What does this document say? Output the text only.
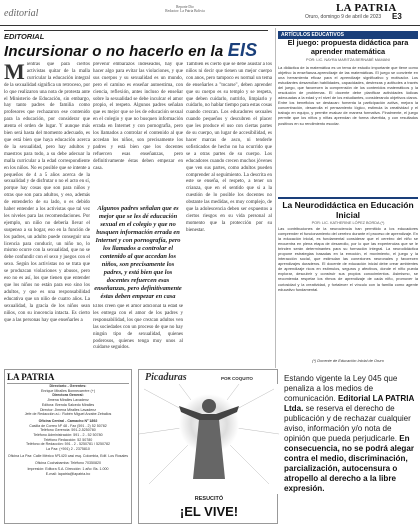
editorial
Reporte Dio
Redactor: La Patria Bolivia	LA PATRIA
Oruro, domingo 9 de abril de 2023 E3
EDITORIAL
Incursionar o no hacerlo en la EIS
Mientras que para ciertos activistas quitar de la malla curricular la educación integral de la sexualidad significa un retroceso, por lo que realizaron una nota de protesta ante el Ministerio de Educación, sin embargo, hay tanto padres de familia como profesores que rechazaron ese contenido para la educación, por considerar que atenta el orden de lugar. Y aunque más bien será hasta del momento adecuado, es que está bien que haya educación acerca de la sexualidad, pero hay adultos y maestros para todo, a su debe adecuar la malla curricular a la edad correspondiente en los niños. No es posible que se intente a pequeños de 4 a 5 años acerca de la sexualidad y de disfrutar o no el acto en sí, porque hay cosas que son para niños y otras que son para adultos, y eso, además de entenderlo de su lado, o es debido haber entender a los activistas que tal vez les niveles para las recomendaciones. Por ejemplo, un niño no debería llevar el suspenso a su hogar, eso en la función de los padres, un adulto puede conseguir una licencia para conducir, un niño no, lo mismo ocurre con la sexualidad, que no se debe confundir con el sexo y juegos con el sexo. Según los activistas no se trata que se produzcan violaciones y abusos, pero eso no es así, los que tienen que entender que los niños no están para eso sino los adultos, y que es una responsabilidad educativa que un niño de cuatro años. La sexualidad, la gracia de los niños sean niños, con su inocencia intacta. Es cierto que a las personas hay que enseñarles a
prevenir embarazos indeseados, hay que hacer algo para evitar las violaciones, y que sus cuerpos y su sexualidad es un mundo, pero el camino es enseñar autoestima, con ciencia, reflexión, antes incluso de enseñar sobre la sexualidad se debe inculcar el amor propio, el respeto. Algunos padres señalan que es mejor que se les de educación sexual en el colegio y que no busquen información errada en Internet y con pornografía, pero los llamados a controlar el contenido al que accedan los niños, son precisamente los padres y está bien que los docentes refuercen esas enseñanzas, pero definitivamente éstas deben empezar en casa.
Algunos padres señalan que es mejor que se les dé educación sexual en el colegio y que no busquen información errada en Internet y con pornografía, pero los llamados a controlar el contenido al que accedan los niños, son precisamente los padres, y está bien que los docentes refuercen esas enseñanzas, pero definitivamente éstas deben empezar en casa
Ellos creen que el amor adicional la edad se les entrega con el amor de los padres y responsabilidad, los que crezcan adultos ven las sociedades con un proceso de que no hay ningún tipo de sexualidad, quienes poderosos, quienes tenga muy unos al cuidarse seguidos.
También es cierto que se debe asustar a los niños ni decir que tienen un mejor cuerpo con anos, pero tampoco es normal un tema de enseñarles a "tocarse", deben aprender que su cuerpo es su templo y se respeta, que deben cuidarlo, nutrirlo, limpiarlo y cuidarlo, no hablar tiempo para estas cosas cuando crezcan. Los educadores sexuales cuando pequeños y descubren el placer que les produce el uso con ciertas partes de su cuerpo, un lugar de accesibilidad, es hacer marcas de asco, ni tenderle sofisticados de hecho no ha ocurrido que se a otras partes de su cuerpo. Los educadores cuando crecen muchos jóvenes que ven sus partes, como adultos pueden comprender al seguimiento. La descrita en este se enseña, el respeto, a tener un crianza, que en el sentido que si a la cuestión de lo posible los docentes no obstante las medidas, es muy complejo, de que la adolescencia deben ser expuestos a ciertos riesgos en su vida personal al momento que la protección por su bienestar.
ARTÍCULOS EDUCATIVOS
El juego: propuesta didáctica para aprender matemática
POR: LIC. NAYRA MARITZA BERNABÉ MAMANI
La didáctica de la matemática es un tema de estudio importante que tiene como objetivo la enseñanza-aprendizaje de las matemáticas. El juego se convierte en una herramienta eficaz para el aprendizaje significativo y motivador. Los estudiantes desarrollan habilidades, capacidades, destrezas y actitudes a través del juego, que favorecen la comprensión de los contenidos matemáticos y la resolución de problemas. El docente debe planificar actividades lúdicas adecuadas a la edad y el nivel de los estudiantes, considerando objetivos claros. Entre los beneficios se destacan: fomenta la participación activa, mejora la concentración, desarrolla el pensamiento lógico, estimula la creatividad y el trabajo en equipo, y permite evaluar de manera formativa. Finalmente, el juego permite que los niños y niñas aprendan de forma divertida, y con resultados positivos en su rendimiento escolar.
La Neurodidáctica en Educación Inicial
POR: LIC. KATHERINE LÓPEZ BORDA (*)
Las contribuciones de la neurociencia han permitido a los educadores comprender el funcionamiento del cerebro durante el proceso de aprendizaje. En la educación inicial, es fundamental considerar que el cerebro del niño se encuentra en plena etapa de desarrollo, por lo que las experiencias que se le brinden serán determinantes para su formación integral. La neurodidáctica propone estrategias basadas en la emoción, el movimiento, el juego y la interacción social, que estimulan las conexiones neuronales y favorecen aprendizajes duraderos. El docente de educación inicial debe crear ambientes de aprendizaje ricos en estímulos, seguros y afectivos, donde el niño pueda explorar, descubrir y construir sus propios conocimientos. Asimismo, se recomienda respetar los ritmos de aprendizaje de cada niño, promover la curiosidad y la creatividad, y fortalecer el vínculo con la familia como agente educativo fundamental.
(*) Docente de Educación Inicial de Oruro
LA PATRIA
Directorio - Gerentes:
Enrique Miralles Bonnecarrère (+)
Directora General:
Jimena Miralles Lavadenz
Editora: Brenda Salcedo Miralles
Director: Jimena Miralles Lavadenz
Jefe de Redacción a.i.: Rubén Miguel Arzabe Zeballos
Oficina Central - Camacho Nº 1892
Casilla de Correo Nº 48 - Fax (591 - 2) 52 50782
Teléfono Gerencia: 591-2-5250780
Teléfono Administración: 591 - 2 - 52 50780
Teléfono Redacción: 52 50780
Teléfono de Redacción: 591 - 2 - 5250781 / 5250782
La Paz: (+591) 2 - 2375810
Oficina La Paz: Calle México Nº1420 casi esq. Colombia, Edif. Los Rosales
Oficina Cochabamba: Teléfono 70350820
Impresión: Editora S.A. Dirección: 1 año: Bs. 1.000
E-mail: lapatria@lapatria.bo
Picaduras	POR COQUITO
RESUCITÓ
¡EL VIVE!
Estando vigente la Ley 045 que penaliza a los medios de comunicación. Editorial LA PATRIA Ltda. se reserva el derecho de publicación y de rechazar cualquier aviso, información y/o nota de opinión que pueda perjudicarle. En consecuencia, no se podrá alegar contra el medio, discriminación, parcialización, autocensura o atropello al derecho a la libre expresión.
